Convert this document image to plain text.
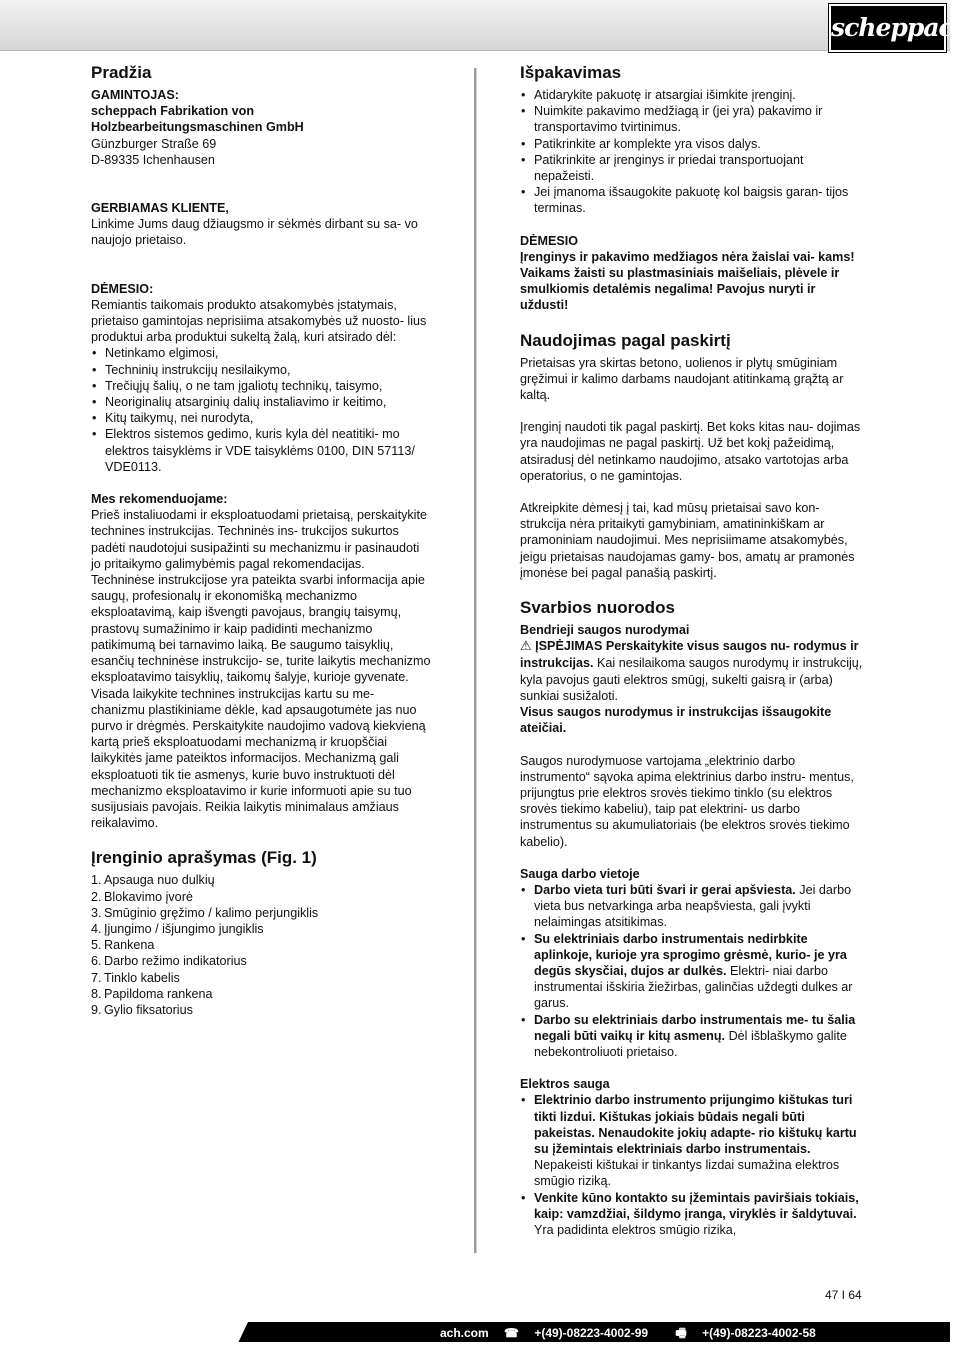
scheppach
Pradžia

GAMINTOJAS:

scheppach Fabrikation von

Holzbearbeitungsmaschinen GmbH

Günzburger Straße 69

D-89335 Ichenhausen

GERBIAMAS KLIENTE,

Linkime Jums daug džiaugsmo ir sėkmės dirbant su sa- vo naujojo prietaiso.

DĖMESIO:

Remiantis taikomais produkto atsakomybės įstatymais, prietaiso gamintojas neprisiima atsakomybės už nuosto- lius produktui arba produktui sukeltą žalą, kuri atsirado dėl:

• Netinkamo elgimosi,
• Techninių instrukcijų nesilaikymo,
• Trečiųjų šalių, o ne tam įgaliotų technikų, taisymo,
• Neoriginalių atsarginių dalių instaliavimo ir keitimo,
• Kitų taikymų, nei nurodyta,
• Elektros sistemos gedimo, kuris kyla dėl neatitiki- mo elektros taisyklėms ir VDE taisyklėms 0100, DIN 57113/ VDE0113.

Mes rekomenduojame:

Prieš instaliuodami ir eksploatuodami prietaisą, perskaitykite technines instrukcijas. Techninės ins- trukcijos sukurtos padėti naudotojui susipažinti su mechanizmu ir pasinaudoti jo pritaikymo galimybėmis pagal rekomendacijas. Techninėse instrukcijose yra pateikta svarbi informacija apie saugų, profesionalų ir ekonomišką mechanizmo eksploatavimą, kaip išvengti pavojaus, brangių taisymų, prastovų sumažinimo ir kaip padidinti mechanizmo patikimumą bei tarnavimo laiką. Be saugumo taisyklių, esančių techninėse instrukcijo- se, turite laikytis mechanizmo eksploatavimo taisyklių, taikomų šalyje, kurioje gyvenate. Visada laikykite technines instrukcijas kartu su me- chanizmu plastikiniame dėkle, kad apsaugotumėte jas nuo purvo ir drėgmės. Perskaitykite naudojimo vadovą kiekvieną kartą prieš eksploatuodami mechanizmą ir kruopščiai laikykitės jame pateiktos informacijos. Mechanizmą gali eksploatuoti tik tie asmenys, kurie buvo instruktuoti dėl mechanizmo eksploatavimo ir kurie informuoti apie su tuo susijusiais pavojais. Reikia laikytis minimalaus amžiaus reikalavimo.

Įrenginio aprašymas (Fig. 1)
1. Apsauga nuo dulkių
2. Blokavimo įvorė
3. Smūginio gręžimo / kalimo perjungiklis
4. Įjungimo / išjungimo jungiklis
5. Rankena
6. Darbo režimo indikatorius
7. Tinklo kabelis
8. Papildoma rankena
9. Gylio fiksatorius
Išpakavimas
• Atidarykite pakuotę ir atsargiai išimkite įrenginį.
• Nuimkite pakavimo medžiagą ir (jei yra) pakavimo ir transportavimo tvirtinimus.
• Patikrinkite ar komplekte yra visos dalys.
• Patikrinkite ar įrenginys ir priedai transportuojant nepažeisti.
• Jei įmanoma išsaugokite pakuotę kol baigsis garan- tijos terminas.

DĖMESIO

Įrenginys ir pakavimo medžiagos nėra žaislai vai- kams! Vaikams žaisti su plastmasiniais maišeliais, plėvele ir smulkiomis detalėmis negalima! Pavojus nuryti ir uždusti!

Naudojimas pagal paskirtį

Prietaisas yra skirtas betono, uolienos ir plytų smūginiam gręžimui ir kalimo darbams naudojant atitinkamą grąžtą ar kaltą.

Įrenginį naudoti tik pagal paskirtį. Bet koks kitas nau- dojimas yra naudojimas ne pagal paskirtį. Už bet kokį pažeidimą, atsiradusį dėl netinkamo naudojimo, atsako vartotojas arba operatorius, o ne gamintojas.

Atkreipkite dėmesį į tai, kad mūsų prietaisai savo kon- strukcija nėra pritaikyti gamybiniam, amatininkiškam ar pramoniniam naudojimui. Mes neprisiimame atsakomybės, jeigu prietaisas naudojamas gamy- bos, amatų ar pramonės įmonėse bei pagal panašią paskirtį.

Svarbios nuorodos

Bendrieji saugos nurodymai

⚠ ĮSPĖJIMAS Perskaitykite visus saugos nu- rodymus ir instrukcijas. Kai nesilaikoma saugos nurodymų ir instrukcijų, kyla pavojus gauti elektros smūgį, sukelti gaisrą ir (arba) sunkiai susižaloti.

Visus saugos nurodymus ir instrukcijas išsaugokite ateičiai.

Saugos nurodymuose vartojama „elektrinio darbo instrumento“ sąvoka apima elektrinius darbo instru- mentus, prijungtus prie elektros srovės tiekimo tinklo (su elektros srovės tiekimo kabeliu), taip pat elektrini- us darbo instrumentus su akumuliatoriais (be elektros srovės tiekimo kabelio).

Sauga darbo vietoje

• Darbo vieta turi būti švari ir gerai apšviesta. Jei darbo vieta bus netvarkinga arba neapšviesta, gali įvykti nelaimingas atsitikimas.
• Su elektriniais darbo instrumentais nedirbkite aplinkoje, kurioje yra sprogimo grėsmė, kurio- je yra degūs skysčiai, dujos ar dulkės. Elektri- niai darbo instrumentai išskiria žiežirbas, galinčias uždegti dulkes ar garus.
• Darbo su elektriniais darbo instrumentais me- tu šalia negali būti vaikų ir kitų asmenų. Dėl išblaškymo galite nebekontroliuoti prietaiso.

Elektros sauga

• Elektrinio darbo instrumento prijungimo kištukas turi tikti lizdui. Kištukas jokiais būdais negali būti pakeistas. Nenaudokite jokių adapte- rio kištukų kartu su įžemintais elektriniais darbo instrumentais. Nepakeisti kištukai ir tinkantys lizdai sumažina elektros smūgio riziką.
• Venkite kūno kontakto su įžemintais paviršiais tokiais, kaip: vamzdžiai, šildymo įranga, viryklės ir šaldytuvai. Yra padidinta elektros smūgio rizika,
47 I 64
ach.com ☎ +(49)-08223-4002-99 🖷 +(49)-08223-4002-58
